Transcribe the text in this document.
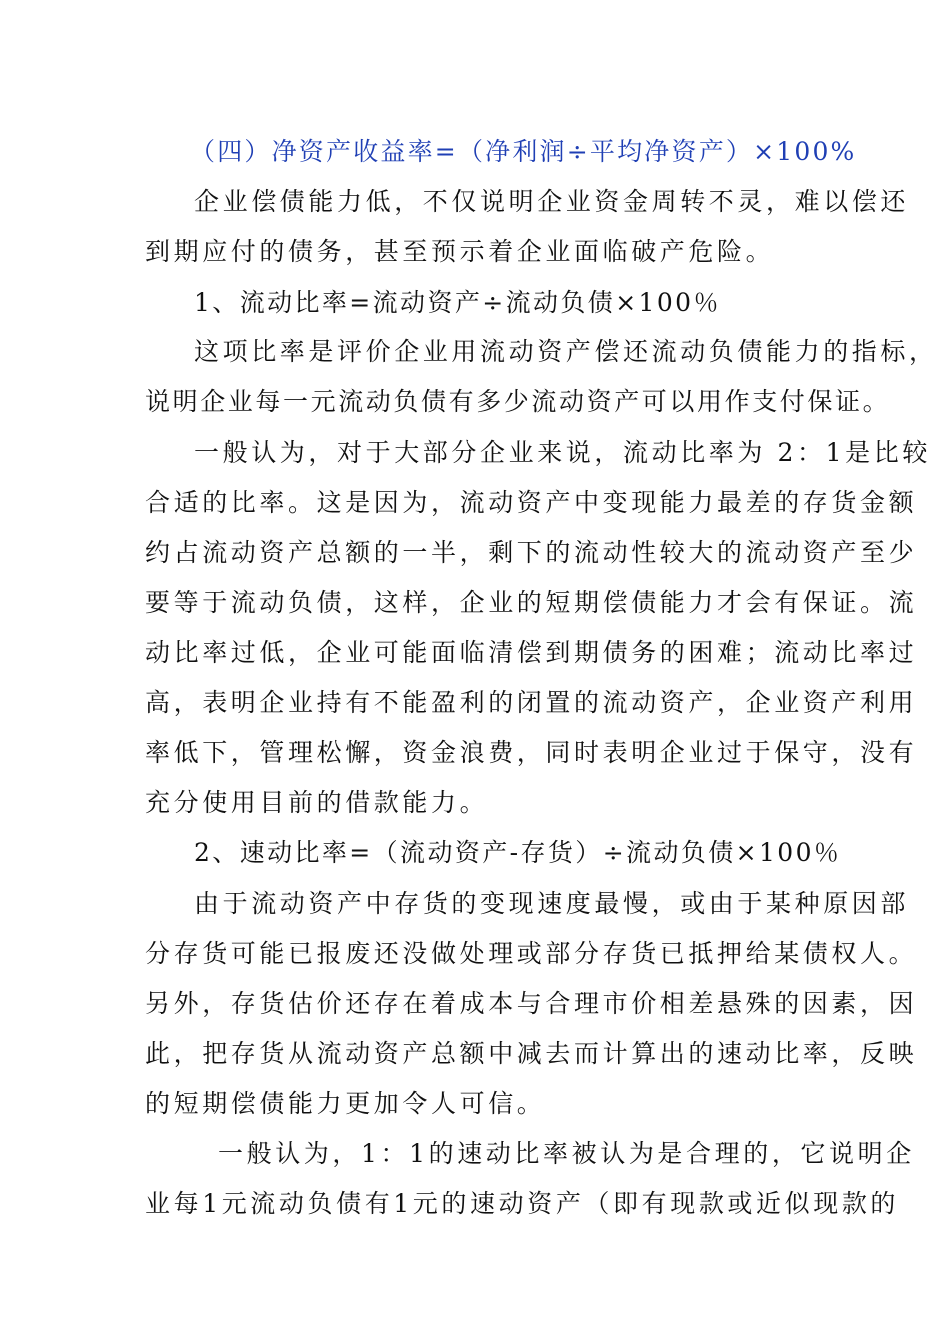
（四）净资产收益率=（净利润÷平均净资产）×100%
企业偿债能力低，不仅说明企业资金周转不灵，难以偿还
到期应付的债务，甚至预示着企业面临破产危险。
1、流动比率=流动资产÷流动负债×100％
这项比率是评价企业用流动资产偿还流动负债能力的指标，
说明企业每一元流动负债有多少流动资产可以用作支付保证。
一般认为，对于大部分企业来说，流动比率为 2：1是比较
合适的比率。这是因为，流动资产中变现能力最差的存货金额
约占流动资产总额的一半，剩下的流动性较大的流动资产至少
要等于流动负债，这样，企业的短期偿债能力才会有保证。流
动比率过低，企业可能面临清偿到期债务的困难；流动比率过
高，表明企业持有不能盈利的闭置的流动资产，企业资产利用
率低下，管理松懈，资金浪费，同时表明企业过于保守，没有
充分使用目前的借款能力。
2、速动比率=（流动资产-存货）÷流动负债×100％
由于流动资产中存货的变现速度最慢，或由于某种原因部
分存货可能已报废还没做处理或部分存货已抵押给某债权人。
另外，存货估价还存在着成本与合理市价相差悬殊的因素，因
此，把存货从流动资产总额中减去而计算出的速动比率，反映
的短期偿债能力更加令人可信。
一般认为，1：1的速动比率被认为是合理的，它说明企
业每1元流动负债有1元的速动资产（即有现款或近似现款的
